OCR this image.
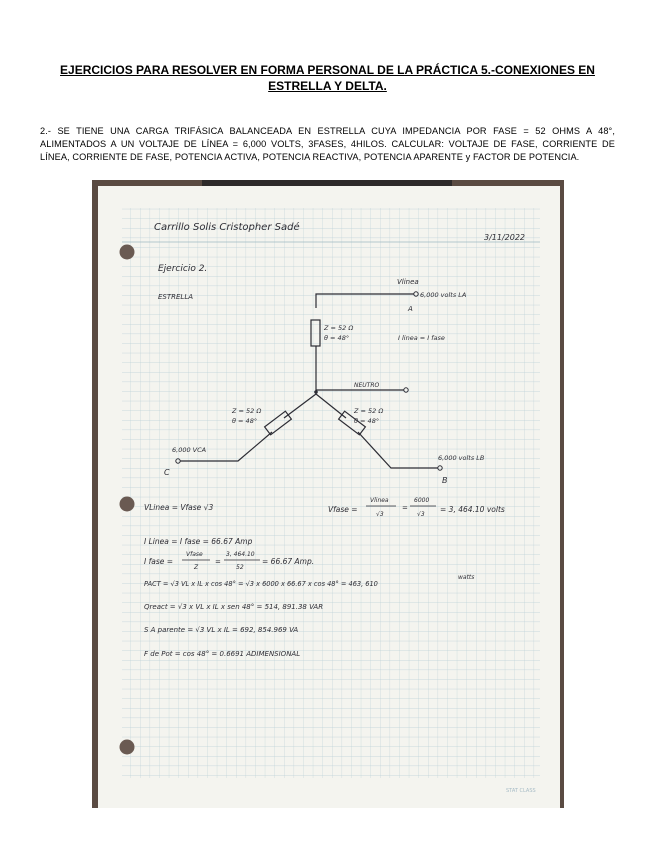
EJERCICIOS PARA RESOLVER EN FORMA PERSONAL DE LA PRÁCTICA 5.-CONEXIONES EN ESTRELLA Y DELTA.
2.- SE TIENE UNA CARGA TRIFÁSICA BALANCEADA EN ESTRELLA CUYA IMPEDANCIA POR FASE = 52 OHMS A 48°, ALIMENTADOS A UN VOLTAJE DE LÍNEA = 6,000 VOLTS, 3FASES, 4HILOS. CALCULAR: VOLTAJE DE FASE, CORRIENTE DE LÍNEA, CORRIENTE DE FASE, POTENCIA ACTIVA, POTENCIA REACTIVA, POTENCIA APARENTE y FACTOR DE POTENCIA.
Carrillo Solis Cristopher Sadé
3/11/2022
Ejercicio 2.
ESTRELLA
Vlinea
6,000 volts LA
A
Z = 52 Ω
θ = 48°	I linea = I fase
NEUTRO
Z = 52 Ω
θ = 48°
Z = 52 Ω
θ = 48°
6,000 VCA
C
6,000 volts LB
B
VLinea = Vfase √3	Vfase =
Vlinea
√3
=
6000
√3
= 3, 464.10 volts
I Linea = I fase = 66.67 Amp
I fase =
Vfase
Z
=
3, 464.10
52
= 66.67 Amp.
PACT = √3 VL x IL x cos 48° = √3 x 6000 x 66.67 x cos 48° = 463, 610
watts
Qreact = √3 x VL x IL x sen 48° = 514, 891.38 VAR
S A parente = √3 VL x IL = 692, 854.969 VA
F de Pot = cos 48° = 0.6691 ADIMENSIONAL
STAT CLASS
